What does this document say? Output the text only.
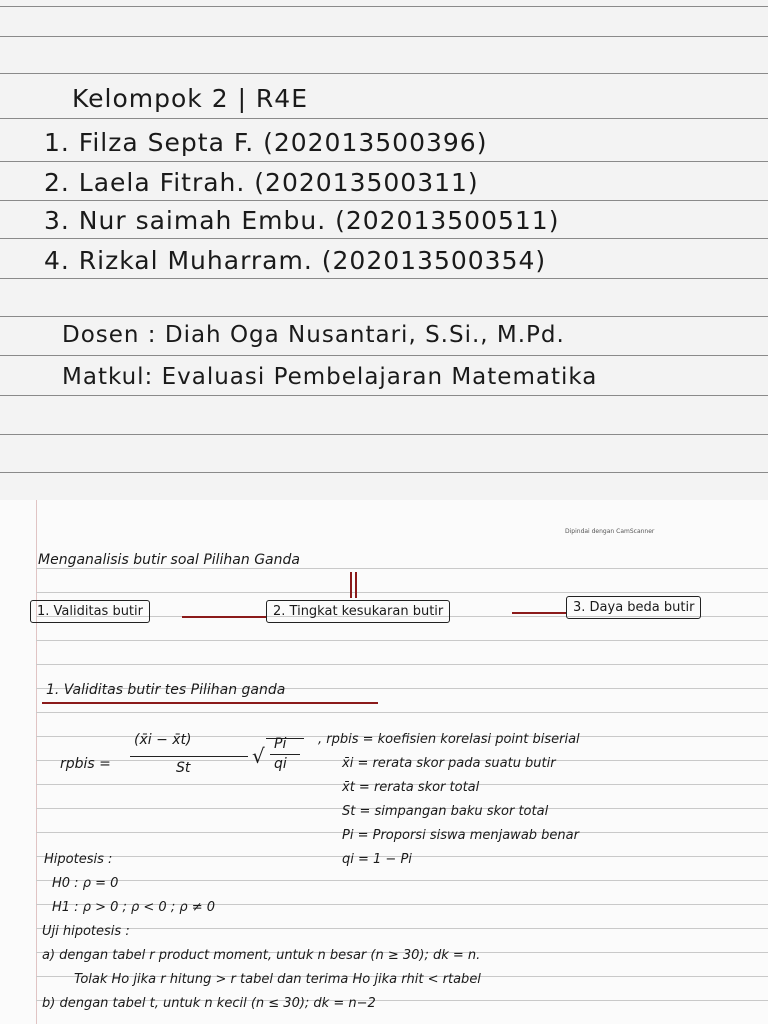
Kelompok 2 | R4E
1. Filza Septa F. (202013500396)
2. Laela Fitrah. (202013500311)
3. Nur saimah Embu. (202013500511)
4. Rizkal Muharram. (202013500354)
Dosen : Diah Oga Nusantari, S.Si., M.Pd.
Matkul: Evaluasi Pembelajaran Matematika
Dipindai dengan CamScanner
Menganalisis butir soal Pilihan Ganda
1. Validitas butir	2. Tingkat kesukaran butir	3. Daya beda butir
1. Validitas butir tes Pilihan ganda
rpbis =
(x̄i − x̄t)
St	√ Pi
qi
, rpbis = koefisien korelasi point biserial
x̄i = rerata skor pada suatu butir
x̄t = rerata skor total
St = simpangan baku skor total
Pi = Proporsi siswa menjawab benar
qi = 1 − Pi
Hipotesis :
H0 : ρ = 0
H1 : ρ > 0 ; ρ < 0 ; ρ ≠ 0
Uji hipotesis :
a) dengan tabel r product moment, untuk n besar (n ≥ 30); dk = n.
Tolak Ho jika r hitung > r tabel dan terima Ho jika rhit < rtabel
b) dengan tabel t, untuk n kecil (n ≤ 30); dk = n−2
